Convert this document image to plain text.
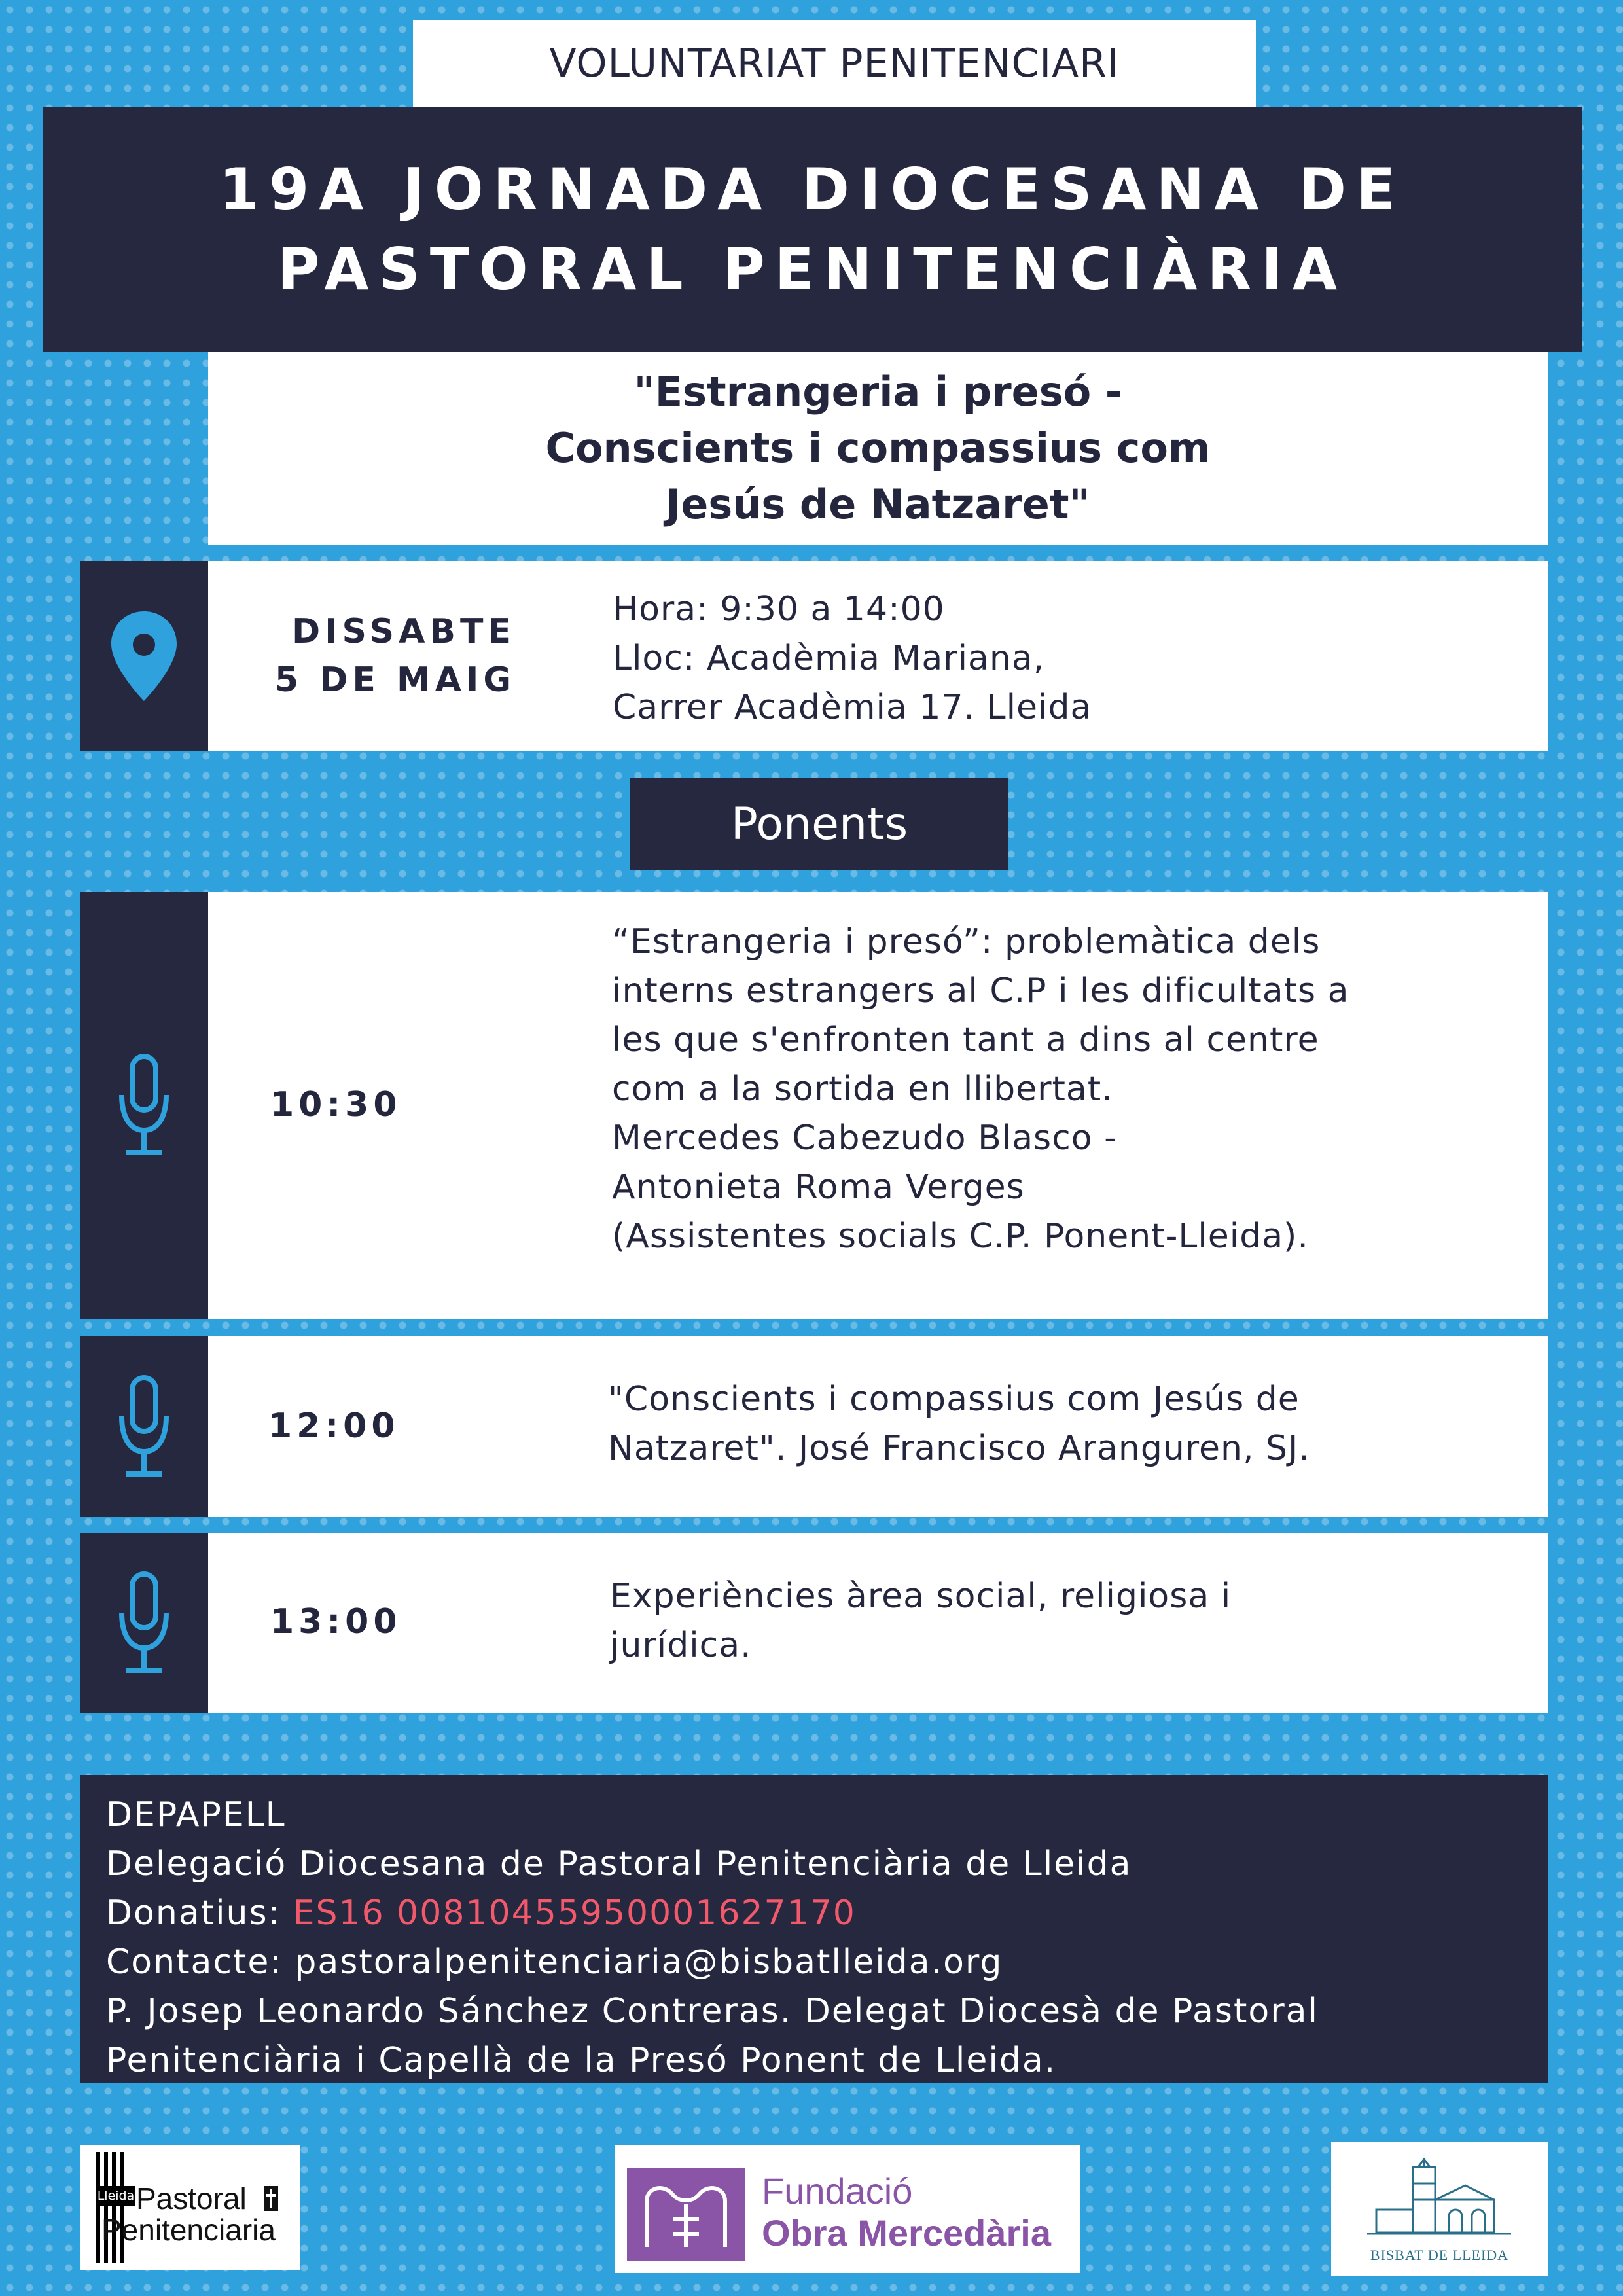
VOLUNTARIAT PENITENCIARI
19A JORNADA DIOCESANA DE
PASTORAL PENITENCIÀRIA
"Estrangeria i presó -
Conscients i compassius com
Jesús de Natzaret"
DISSABTE
5 DE MAIG
Hora: 9:30 a 14:00
Lloc: Acadèmia Mariana,
Carrer Acadèmia 17. Lleida
Ponents
10:30
“Estrangeria i presó”: problemàtica dels
interns estrangers al C.P i les dificultats a
les que s'enfronten tant a dins al centre
com a la sortida en llibertat.
Mercedes Cabezudo Blasco -
Antonieta Roma Verges
(Assistentes socials C.P. Ponent-Lleida).
12:00
"Conscients i compassius com Jesús de
Natzaret". José Francisco Aranguren, SJ.
13:00
Experiències àrea social, religiosa i
jurídica.
DEPAPELL
Delegació Diocesana de Pastoral Penitenciària de Lleida
Donatius: ES16 00810455950001627170
Contacte: pastoralpenitenciaria@bisbatlleida.org
P. Josep Leonardo Sánchez Contreras. Delegat Diocesà de Pastoral
Penitenciària i Capellà de la Presó Ponent de Lleida.
Lleida Pastoral
Penitenciaria
Fundació
Obra Mercedària
BISBAT DE LLEIDA
